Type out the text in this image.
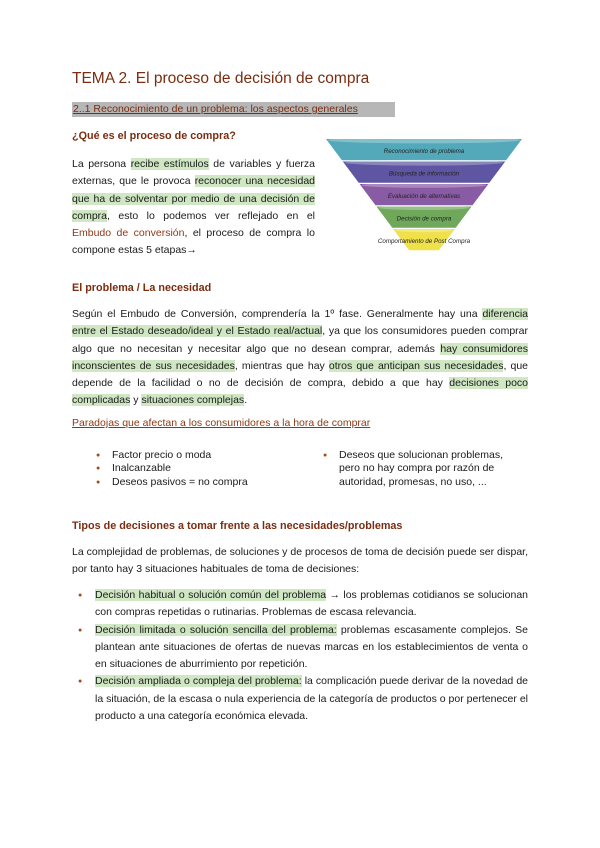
TEMA 2. El proceso de decisión de compra
2..1 Reconocimiento de un problema: los aspectos generales
¿Qué es el proceso de compra?
La persona recibe estímulos de variables y fuerza externas, que le provoca reconocer una necesidad que ha de solventar por medio de una decisión de compra, esto lo podemos ver reflejado en el Embudo de conversión, el proceso de compra lo compone estas 5 etapas→
El problema / La necesidad
Según el Embudo de Conversión, comprendería la 1º fase. Generalmente hay una diferencia entre el Estado deseado/ideal y el Estado real/actual, ya que los consumidores pueden comprar algo que no necesitan y necesitar algo que no desean comprar, además hay consumidores inconscientes de sus necesidades, mientras que hay otros que anticipan sus necesidades, que depende de la facilidad o no de decisión de compra, debido a que hay decisiones poco complicadas y situaciones complejas.
Paradojas que afectan a los consumidores a la hora de comprar
● Factor precio o moda
● Inalcanzable
● Deseos pasivos = no compra
● Deseos que solucionan problemas, pero no hay compra por razón de autoridad, promesas, no uso, ...
Tipos de decisiones a tomar frente a las necesidades/problemas
La complejidad de problemas, de soluciones y de procesos de toma de decisión puede ser dispar, por tanto hay 3 situaciones habituales de toma de decisiones:
● Decisión habitual o solución común del problema → los problemas cotidianos se solucionan con compras repetidas o rutinarias. Problemas de escasa relevancia.
● Decisión limitada o solución sencilla del problema: problemas escasamente complejos. Se plantean ante situaciones de ofertas de nuevas marcas en los establecimientos de venta o en situaciones de aburrimiento por repetición.
● Decisión ampliada o compleja del problema: la complicación puede derivar de la novedad de la situación, de la escasa o nula experiencia de la categoría de productos o por pertenecer el producto a una categoría económica elevada.
Reconocimiento de problema
Búsqueda de información
Evaluación de alternativas
Decisión de compra
Comportamiento de Post Compra
